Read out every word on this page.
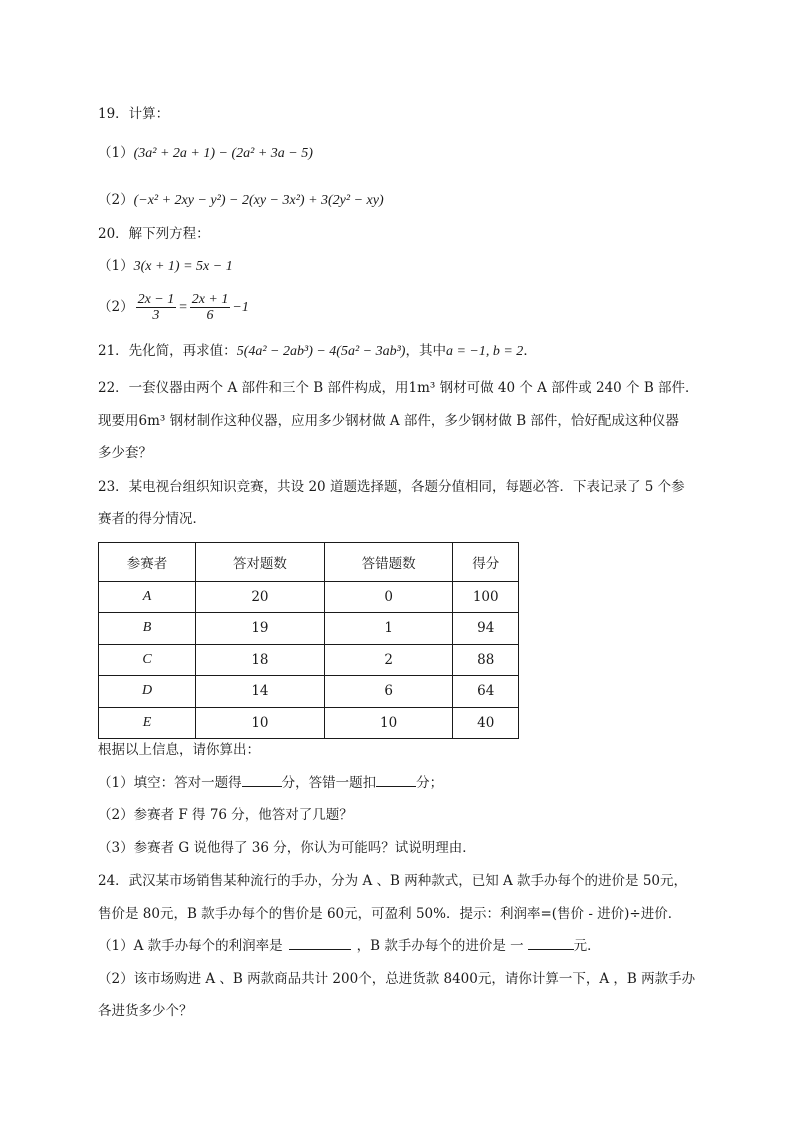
19．计算：
（1）(3a² + 2a + 1) − (2a² + 3a − 5)
（2）(−x² + 2xy − y²) − 2(xy − 3x²) + 3(2y² − xy)
20．解下列方程：
（1）3(x + 1) = 5x − 1
$(2) \frac{2x - 1}{3} = \frac{2x + 1}{6} -1$
21．先化简，再求值：5(4a² − 2ab³) − 4(5a² − 3ab³)，其中a = −1, b = 2．
22．一套仪器由两个 A 部件和三个 B 部件构成，用1m³ 钢材可做 40 个 A 部件或 240 个 B 部件．
现要用6m³ 钢材制作这种仪器，应用多少钢材做 A 部件，多少钢材做 B 部件，恰好配成这种仪器
多少套？
23．某电视台组织知识竞赛，共设 20 道题选择题，各题分值相同，每题必答．下表记录了 5 个参
赛者的得分情况．
参赛者	答对题数	答错题数	得分
A	20	0	100
B	19	1	94
C	18	2	88
D	14	6	64
E	10	10	40
根据以上信息，请你算出：
（1）填空：答对一题得	分，答错一题扣	分；
（2）参赛者 F 得 76 分，他答对了几题？
（3）参赛者 G 说他得了 36 分，你认为可能吗？试说明理由．
24．武汉某市场销售某种流行的手办，分为 A 、B 两种款式，已知 A 款手办每个的进价是 50元，
售价是 80元，B 款手办每个的售价是 60元，可盈利 50%．提示：利润率=(售价 - 进价)÷进价．
（1）A 款手办每个的利润率是	，B 款手办每个的进价是 一	元．
（2）该市场购进 A 、B 两款商品共计 200个，总进货款 8400元，请你计算一下，A ，B 两款手办
各进货多少个？
